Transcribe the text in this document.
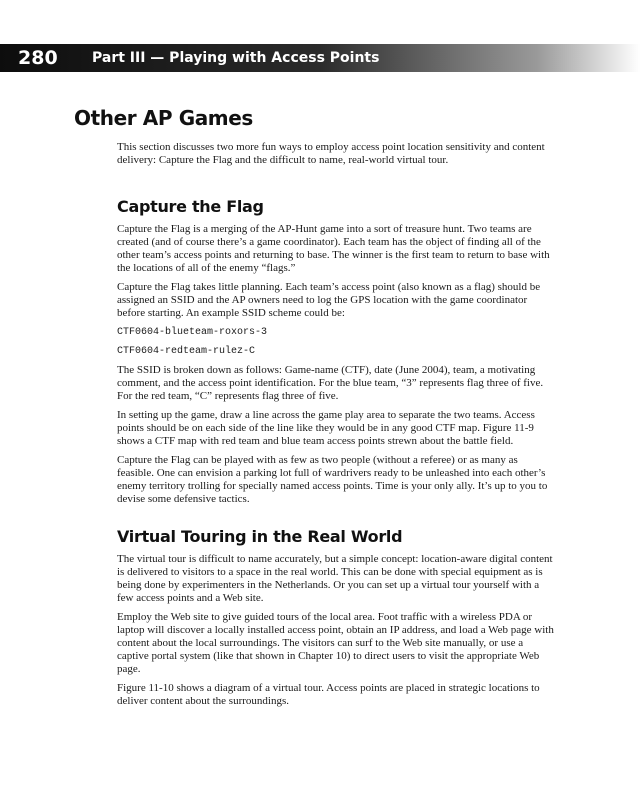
280 Part III — Playing with Access Points
Other AP Games

This section discusses two more fun ways to employ access point location sensitivity and content delivery: Capture the Flag and the difficult to name, real-world virtual tour.

Capture the Flag

Capture the Flag is a merging of the AP-Hunt game into a sort of treasure hunt. Two teams are created (and of course there’s a game coordinator). Each team has the object of finding all of the other team’s access points and returning to base. The winner is the first team to return to base with the locations of all of the enemy “flags.”

Capture the Flag takes little planning. Each team’s access point (also known as a flag) should be assigned an SSID and the AP owners need to log the GPS location with the game coordinator before starting. An example SSID scheme could be:

CTF0604-blueteam-roxors-3

CTF0604-redteam-rulez-C

The SSID is broken down as follows: Game-name (CTF), date (June 2004), team, a motivating comment, and the access point identification. For the blue team, “3” represents flag three of five. For the red team, “C” represents flag three of five.

In setting up the game, draw a line across the game play area to separate the two teams. Access points should be on each side of the line like they would be in any good CTF map. Figure 11-9 shows a CTF map with red team and blue team access points strewn about the battle field.

Capture the Flag can be played with as few as two people (without a referee) or as many as feasible. One can envision a parking lot full of wardrivers ready to be unleashed into each other’s enemy territory trolling for specially named access points. Time is your only ally. It’s up to you to devise some defensive tactics.

Virtual Touring in the Real World

The virtual tour is difficult to name accurately, but a simple concept: location-aware digital content is delivered to visitors to a space in the real world. This can be done with special equipment as is being done by experimenters in the Netherlands. Or you can set up a virtual tour yourself with a few access points and a Web site.

Employ the Web site to give guided tours of the local area. Foot traffic with a wireless PDA or laptop will discover a locally installed access point, obtain an IP address, and load a Web page with content about the local surroundings. The visitors can surf to the Web site manually, or use a captive portal system (like that shown in Chapter 10) to direct users to visit the appropriate Web page.

Figure 11-10 shows a diagram of a virtual tour. Access points are placed in strategic locations to deliver content about the surroundings.
